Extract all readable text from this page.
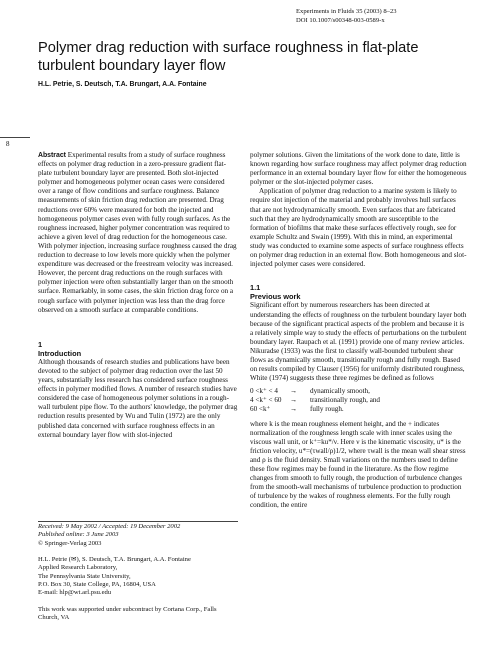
Experiments in Fluids 35 (2003) 8–23
DOI 10.1007/s00348-003-0589-x
Polymer drag reduction with surface roughness in flat-plate turbulent boundary layer flow
H.L. Petrie, S. Deutsch, T.A. Brungart, A.A. Fontaine
8

Abstract Experimental results from a study of surface roughness effects on polymer drag reduction in a zero-pressure gradient flat-plate turbulent boundary layer are presented. Both slot-injected polymer and homogeneous polymer ocean cases were considered over a range of flow conditions and surface roughness. Balance measurements of skin friction drag reduction are presented. Drag reductions over 60% were measured for both the injected and homogeneous polymer cases even with fully rough surfaces. As the roughness increased, higher polymer concentration was required to achieve a given level of drag reduction for the homogeneous case. With polymer injection, increasing surface roughness caused the drag reduction to decrease to low levels more quickly when the polymer expenditure was decreased or the freestream velocity was increased. However, the percent drag reductions on the rough surfaces with polymer injection were often substantially larger than on the smooth surface. Remarkably, in some cases, the skin friction drag force on a rough surface with polymer injection was less than the drag force observed on a smooth surface at comparable conditions.

1
Introduction

Although thousands of research studies and publications have been devoted to the subject of polymer drag reduction over the last 50 years, substantially less research has considered surface roughness effects in polymer modified flows. A number of research studies have considered the case of homogeneous polymer solutions in a rough-wall turbulent pipe flow. To the authors' knowledge, the polymer drag reduction results presented by Wu and Tulin (1972) are the only published data concerned with surface roughness effects in an external boundary layer flow with slot-injected

polymer solutions. Given the limitations of the work done to date, little is known regarding how surface roughness may affect polymer drag reduction performance in an external boundary layer flow for either the homogeneous polymer or the slot-injected polymer cases.

Application of polymer drag reduction to a marine system is likely to require slot injection of the material and probably involves hull surfaces that are not hydrodynamically smooth. Even surfaces that are fabricated such that they are hydrodynamically smooth are susceptible to the formation of biofilms that make these surfaces effectively rough, see for example Schultz and Swain (1999). With this in mind, an experimental study was conducted to examine some aspects of surface roughness effects on polymer drag reduction in an external flow. Both homogeneous and slot-injected polymer cases were considered.

1.1
Previous work

Significant effort by numerous researchers has been directed at understanding the effects of roughness on the turbulent boundary layer both because of the significant practical aspects of the problem and because it is a relatively simple way to study the effects of perturbations on the turbulent boundary layer. Raupach et al. (1991) provide one of many review articles. Nikuradse (1933) was the first to classify wall-bounded turbulent shear flows as dynamically smooth, transitionally rough and fully rough. Based on results compiled by Clauser (1956) for uniformly distributed roughness, White (1974) suggests these three regimes be defined as follows

0 <k⁺ < 4	→	dynamically smooth,
4 <k⁺ < 60	→	transitionally rough, and
60 <k⁺	→	fully rough.

where k is the mean roughness element height, and the + indicates normalization of the roughness length scale with inner scales using the viscous wall unit, or k⁺=ku*/ν. Here ν is the kinematic viscosity, u* is the friction velocity, u*=(τwall/ρ)1/2, where τwall is the mean wall shear stress and ρ is the fluid density. Small variations on the numbers used to define these flow regimes may be found in the literature. As the flow regime changes from smooth to fully rough, the production of turbulence changes from the smooth-wall mechanisms of turbulence production to production of turbulence by the wakes of roughness elements. For the fully rough condition, the entire

Received: 9 May 2002 / Accepted: 19 December 2002
Published online: 3 June 2003
© Springer-Verlag 2003
H.L. Petrie (✉), S. Deutsch, T.A. Brungart, A.A. Fontaine
Applied Research Laboratory,
The Pennsylvania State University,
P.O. Box 30, State College, PA, 16804, USA
E-mail: hlp@wt.arl.psu.edu
This work was supported under subcontract by Cortana Corp., Falls Church, VA
